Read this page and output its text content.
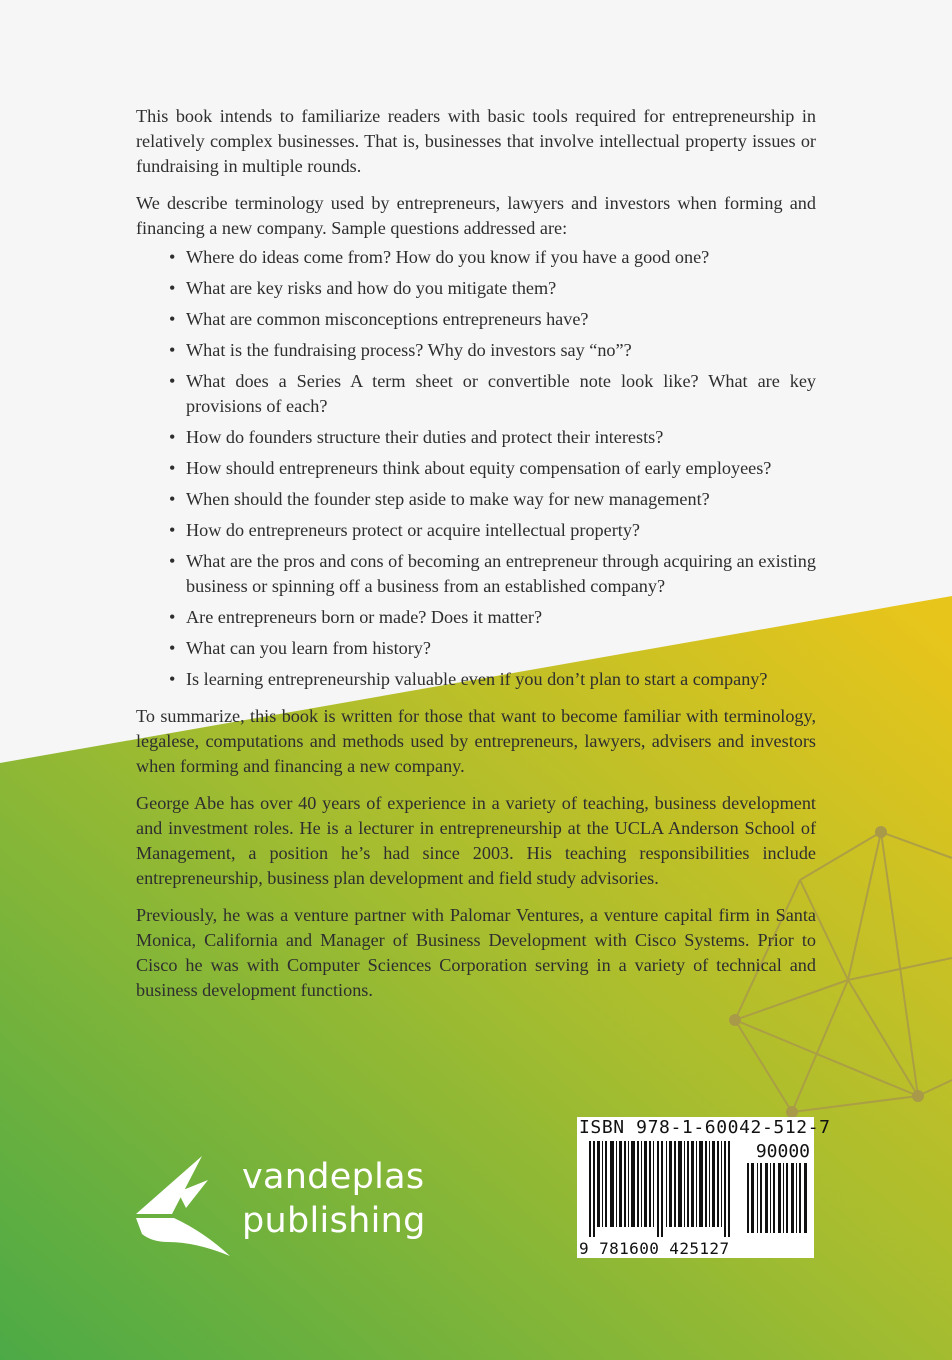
This book intends to familiarize readers with basic tools required for entrepreneurship in relatively complex businesses. That is, businesses that involve intellectual property issues or fundraising in multiple rounds.

We describe terminology used by entrepreneurs, lawyers and investors when forming and financing a new company. Sample questions addressed are:

• Where do ideas come from? How do you know if you have a good one?
• What are key risks and how do you mitigate them?
• What are common misconceptions entrepreneurs have?
• What is the fundraising process? Why do investors say “no”?
• What does a Series A term sheet or convertible note look like? What are key provisions of each?
• How do founders structure their duties and protect their interests?
• How should entrepreneurs think about equity compensation of early employees?
• When should the founder step aside to make way for new management?
• How do entrepreneurs protect or acquire intellectual property?
• What are the pros and cons of becoming an entrepreneur through acquiring an existing business or spinning off a business from an established company?
• Are entrepreneurs born or made? Does it matter?
• What can you learn from history?
• Is learning entrepreneurship valuable even if you don’t plan to start a company?

To summarize, this book is written for those that want to become familiar with terminology, legalese, computations and methods used by entrepreneurs, lawyers, advisers and investors when forming and financing a new company.

George Abe has over 40 years of experience in a variety of teaching, business development and investment roles. He is a lecturer in entrepreneurship at the UCLA Anderson School of Management, a position he’s had since 2003. His teaching responsibilities include entrepreneurship, business plan development and field study advisories.

Previously, he was a venture partner with Palomar Ventures, a venture capital firm in Santa Monica, California and Manager of Business Development with Cisco Systems. Prior to Cisco he was with Computer Sciences Corporation serving in a variety of technical and business development functions.

vandeplas
publishing
ISBN 978-1-60042-512-7
90000
9 781600 425127
